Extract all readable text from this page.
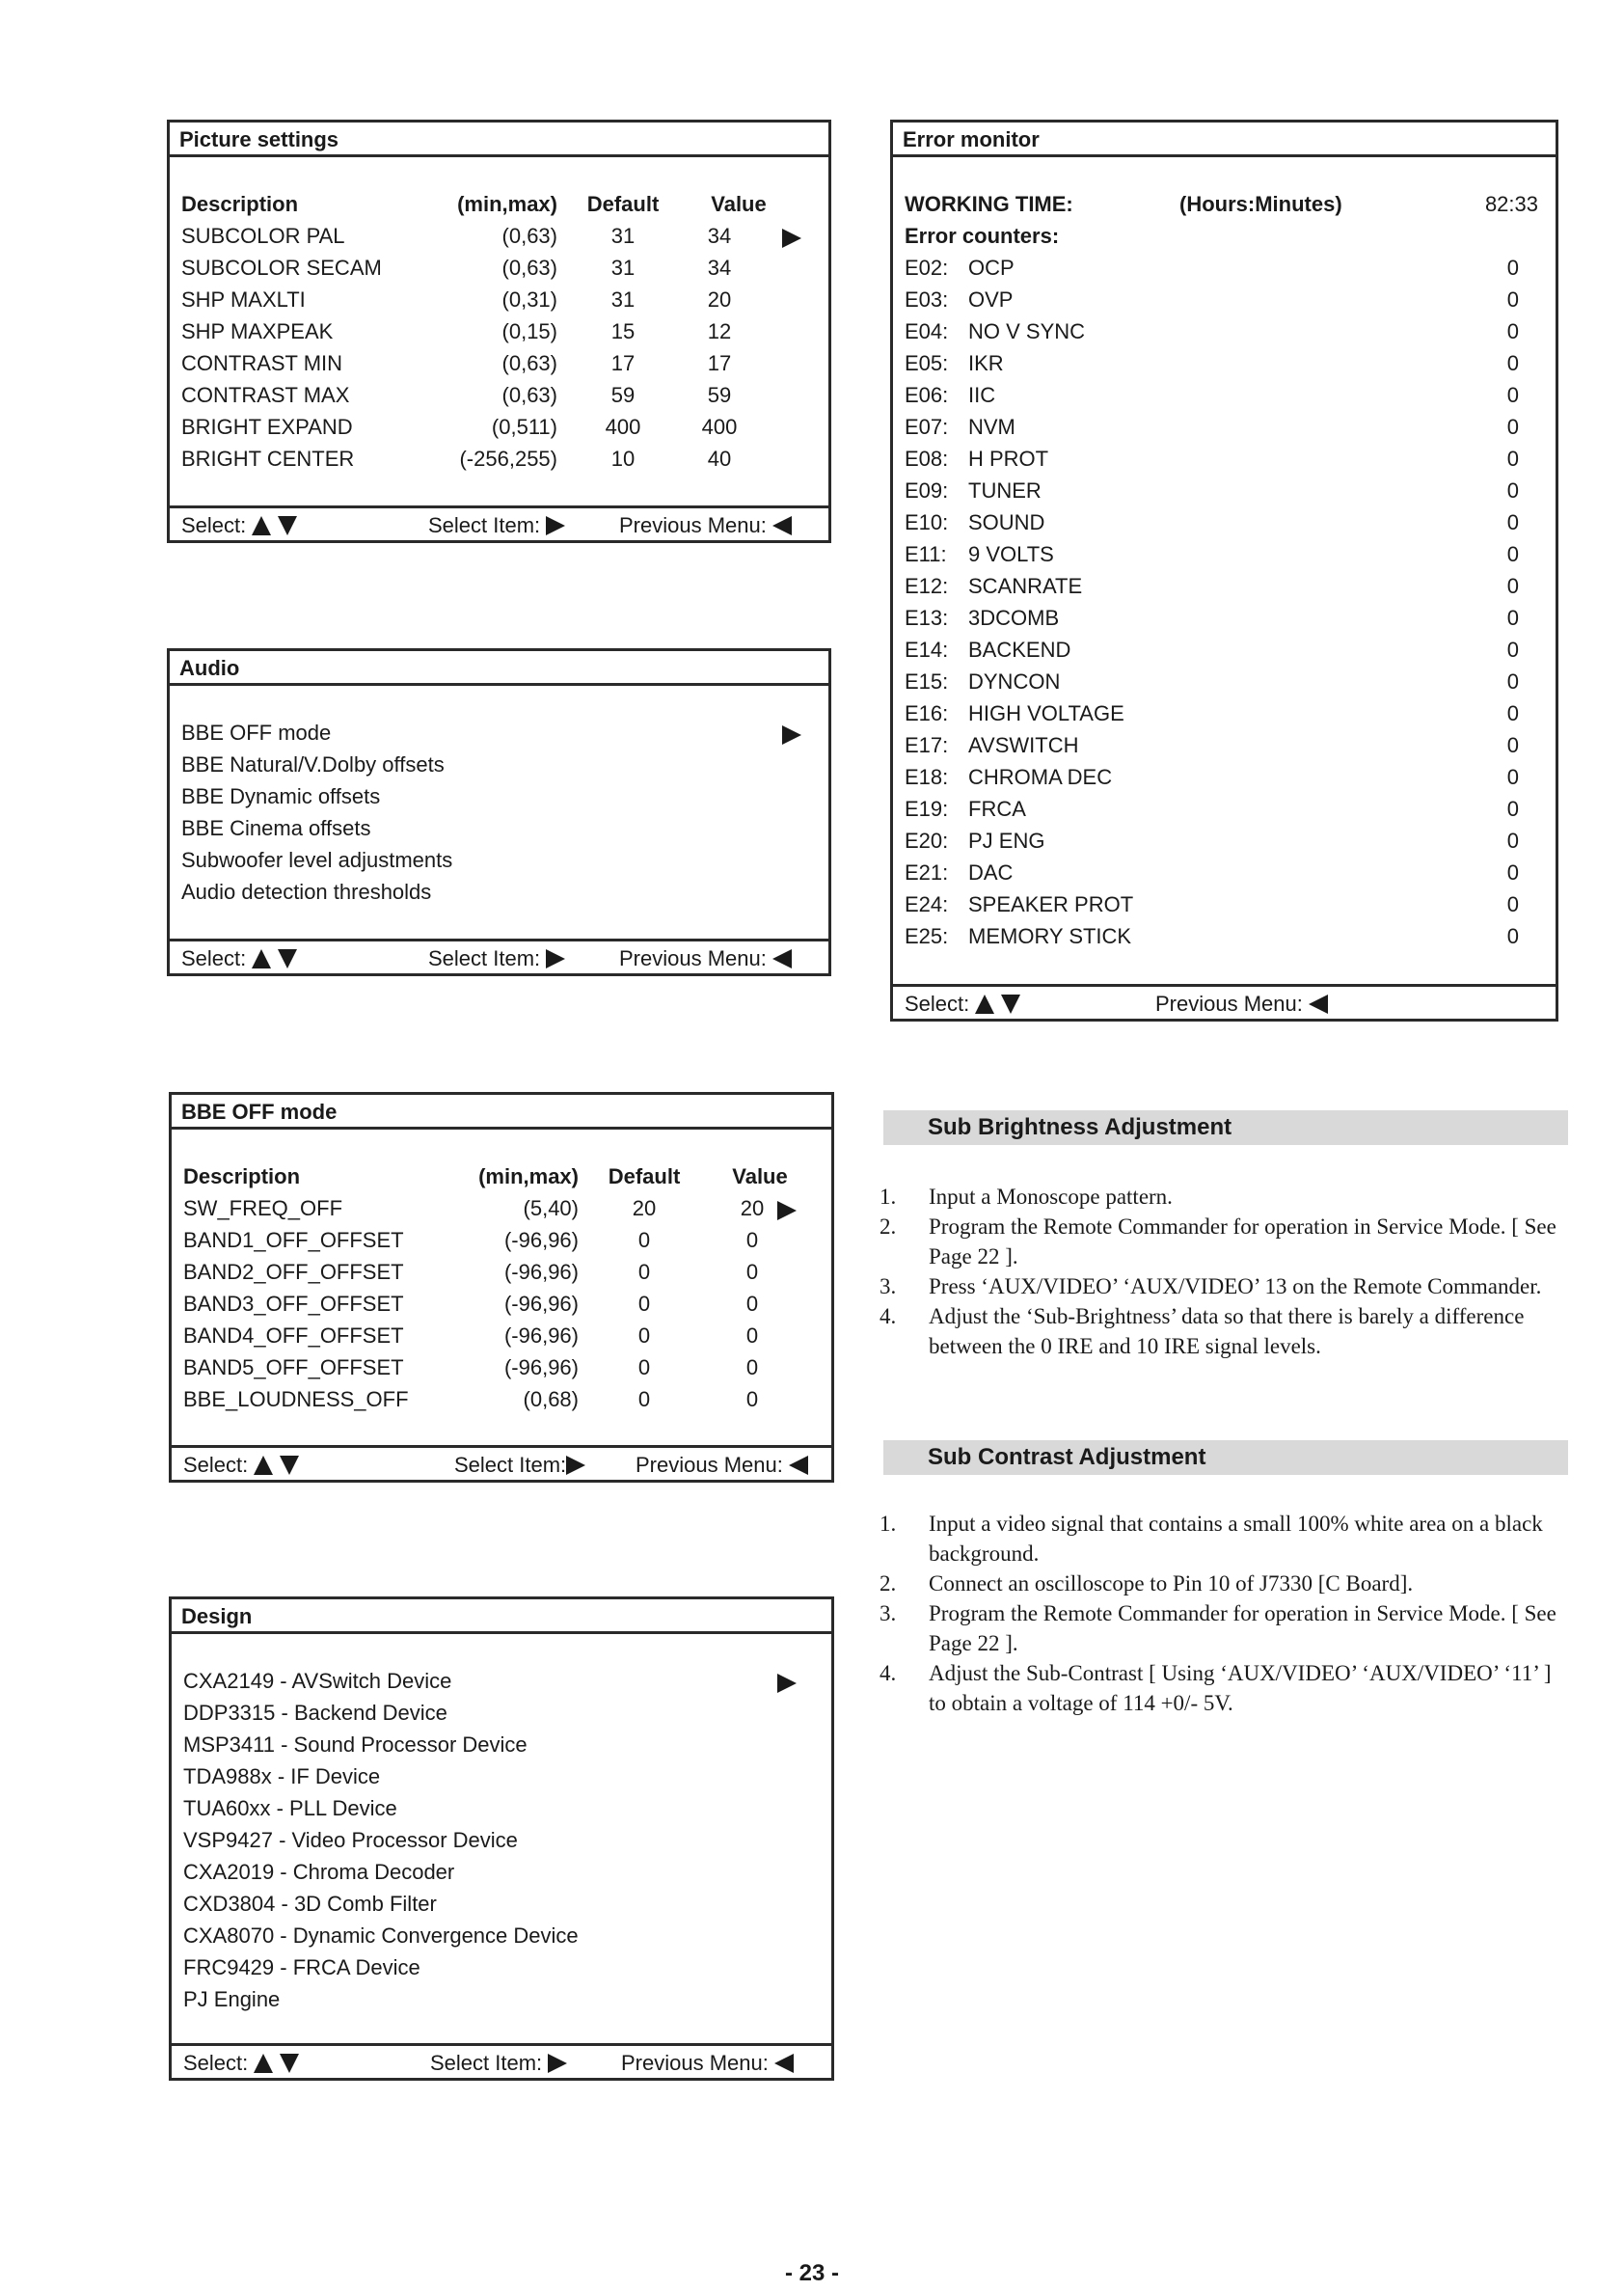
Picture settings
Description	(min,max)	Default	Value
SUBCOLOR PAL	(0,63)	31	34
SUBCOLOR SECAM	(0,63)	31	34
SHP MAXLTI	(0,31)	31	20
SHP MAXPEAK	(0,15)	15	12
CONTRAST MIN	(0,63)	17	17
CONTRAST MAX	(0,63)	59	59
BRIGHT EXPAND	(0,511)	400	400
BRIGHT CENTER	(-256,255)	10	40
Select:	Select Item:	Previous Menu:
Audio
BBE OFF mode
BBE Natural/V.Dolby offsets
BBE Dynamic offsets
BBE Cinema offsets
Subwoofer level adjustments
Audio detection thresholds
Select:	Select Item:	Previous Menu:
BBE OFF mode
Description	(min,max)	Default	Value
SW_FREQ_OFF	(5,40)	20	20
BAND1_OFF_OFFSET	(-96,96)	0	0
BAND2_OFF_OFFSET	(-96,96)	0	0
BAND3_OFF_OFFSET	(-96,96)	0	0
BAND4_OFF_OFFSET	(-96,96)	0	0
BAND5_OFF_OFFSET	(-96,96)	0	0
BBE_LOUDNESS_OFF	(0,68)	0	0
Select:	Select Item:	Previous Menu:
Design
CXA2149 - AVSwitch Device
DDP3315 - Backend Device
MSP3411 - Sound Processor Device
TDA988x - IF Device
TUA60xx - PLL Device
VSP9427 - Video Processor Device
CXA2019 - Chroma Decoder
CXD3804 - 3D Comb Filter
CXA8070 - Dynamic Convergence Device
FRC9429 - FRCA Device
PJ Engine
Select:	Select Item:	Previous Menu:
Error monitor
WORKING TIME:	(Hours:Minutes)	82:33
Error counters:
E02: OCP	0
E03: OVP	0
E04: NO V SYNC	0
E05: IKR	0
E06: IIC	0
E07: NVM	0
E08: H PROT	0
E09: TUNER	0
E10: SOUND	0
E11: 9 VOLTS	0
E12: SCANRATE	0
E13: 3DCOMB	0
E14: BACKEND	0
E15: DYNCON	0
E16: HIGH VOLTAGE	0
E17: AVSWITCH	0
E18: CHROMA DEC	0
E19: FRCA	0
E20: PJ ENG	0
E21: DAC	0
E24: SPEAKER PROT	0
E25: MEMORY STICK	0
Select:	Previous Menu:
Sub Brightness Adjustment
1. Input a Monoscope pattern.
2. Program the Remote Commander for operation in Service Mode. [ See Page 22 ].
3. Press ‘AUX/VIDEO’ ‘AUX/VIDEO’ 13 on the Remote Commander.
4. Adjust the ‘Sub-Brightness’ data so that there is barely a difference between the 0 IRE and 10 IRE signal levels.
Sub Contrast Adjustment
1. Input a video signal that contains a small 100% white area on a black background.
2. Connect an oscilloscope to Pin 10 of J7330 [C Board].
3. Program the Remote Commander for operation in Service Mode. [ See Page 22 ].
4. Adjust the Sub-Contrast [ Using ‘AUX/VIDEO’ ‘AUX/VIDEO’ ‘11’ ] to obtain a voltage of 114 +0/- 5V.
- 23 -
